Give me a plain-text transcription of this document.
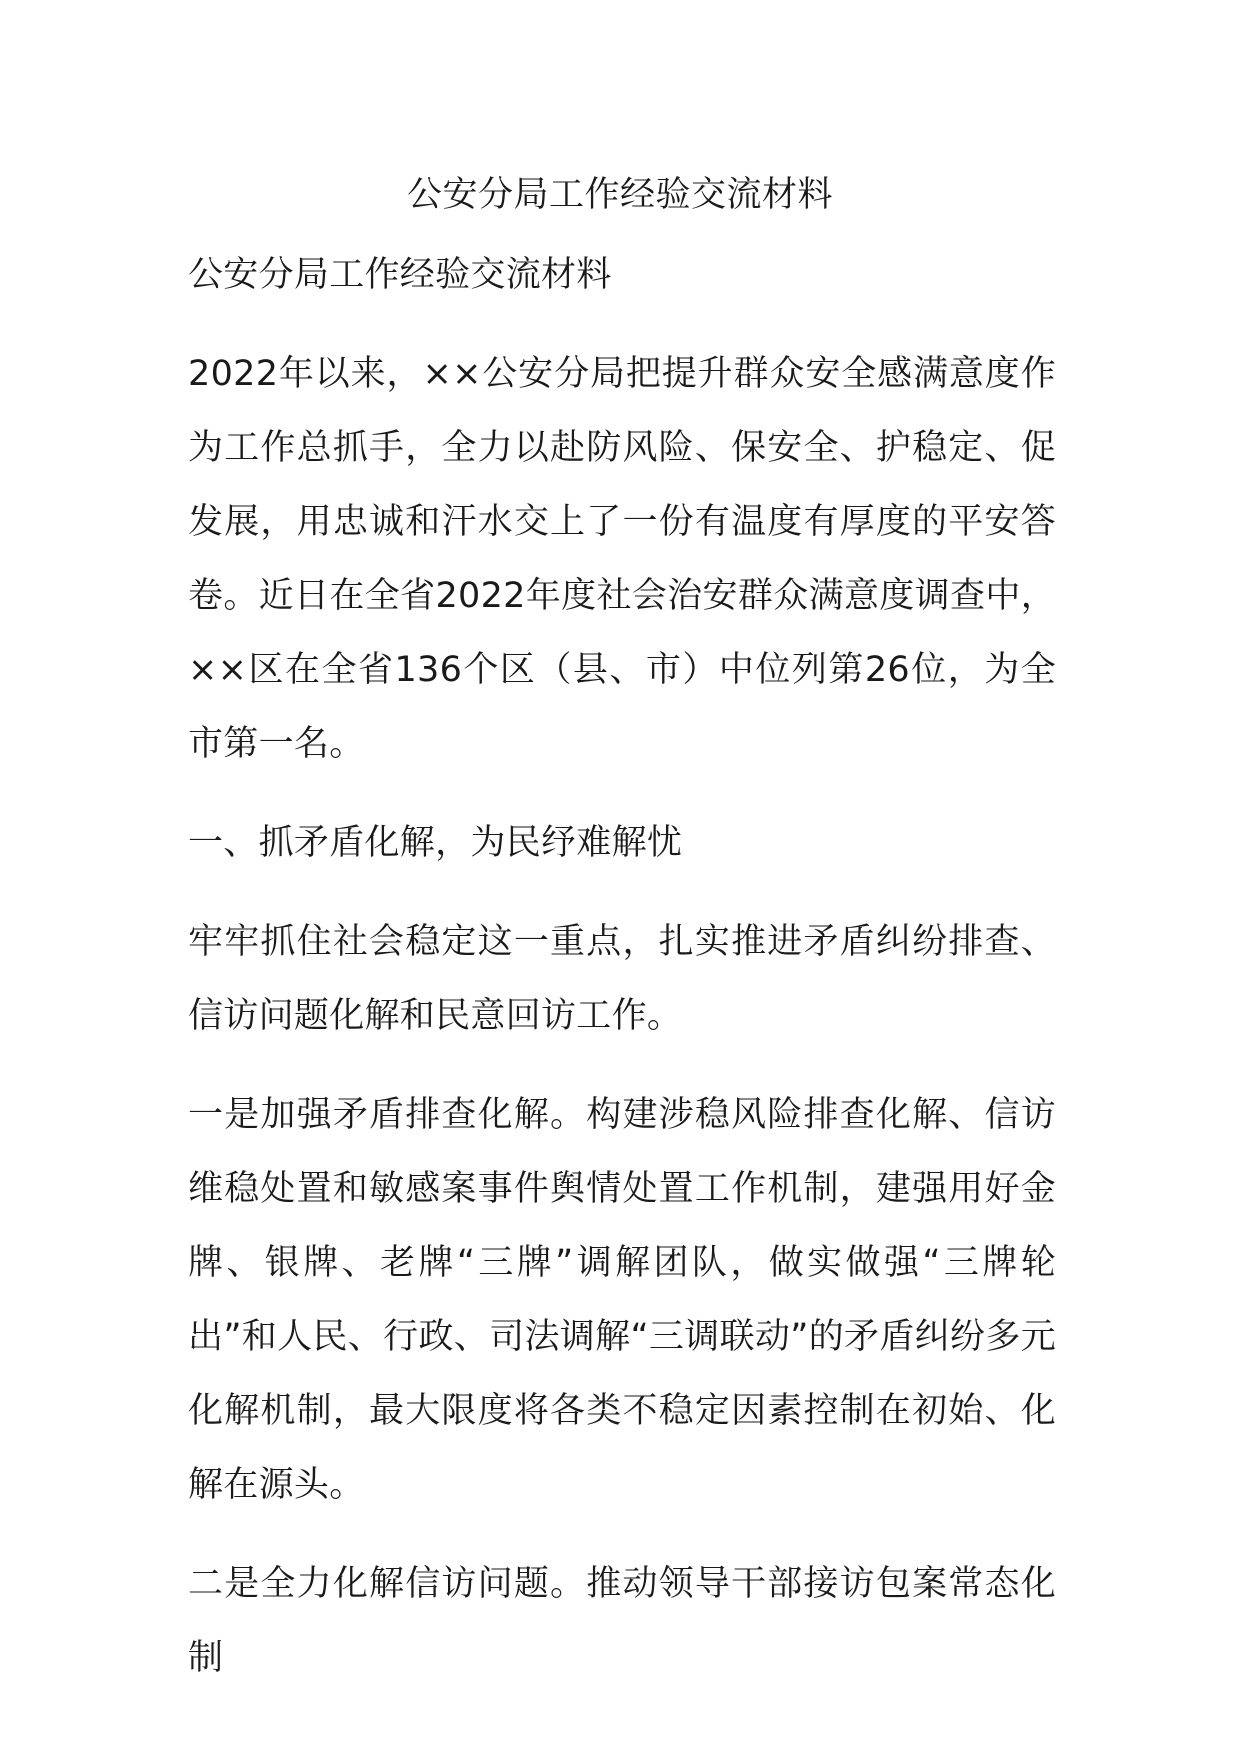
公安分局工作经验交流材料

公安分局工作经验交流材料

2022年以来，××公安分局把提升群众安全感满意度作为工作总抓手，全力以赴防风险、保安全、护稳定、促发展，用忠诚和汗水交上了一份有温度有厚度的平安答卷。近日在全省2022年度社会治安群众满意度调查中，××区在全省136个区（县、市）中位列第26位，为全市第一名。

一、抓矛盾化解，为民纾难解忧

牢牢抓住社会稳定这一重点，扎实推进矛盾纠纷排查、信访问题化解和民意回访工作。

一是加强矛盾排查化解。构建涉稳风险排查化解、信访维稳处置和敏感案事件舆情处置工作机制，建强用好金牌、银牌、老牌“三牌”调解团队，做实做强“三牌轮出”和人民、行政、司法调解“三调联动”的矛盾纠纷多元化解机制，最大限度将各类不稳定因素控制在初始、化解在源头。

二是全力化解信访问题。推动领导干部接访包案常态化制
